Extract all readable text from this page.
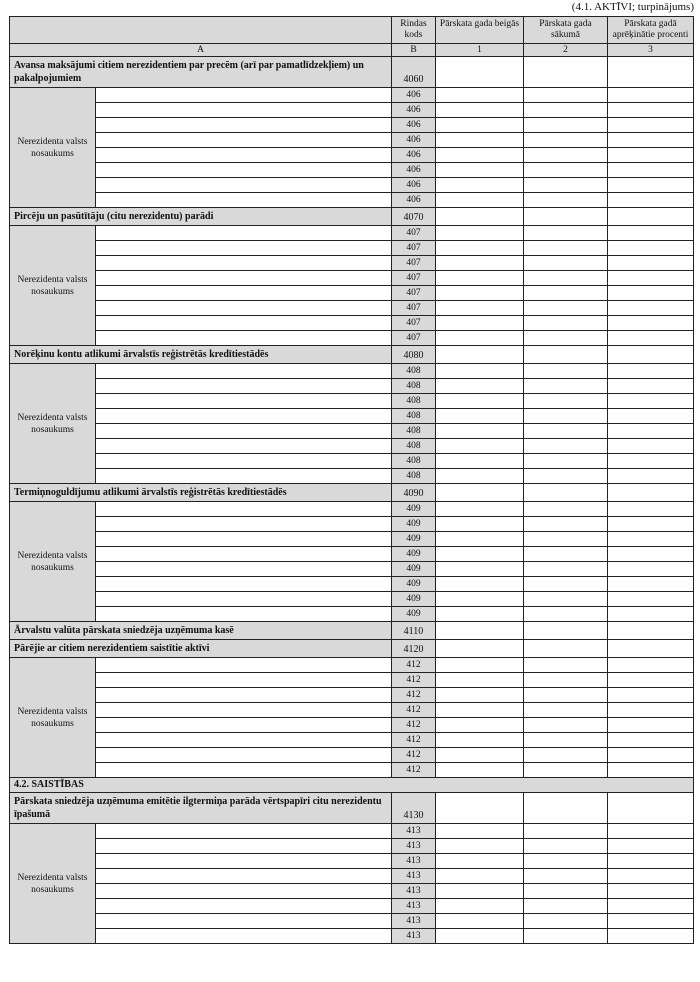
(4.1. AKTĪVI; turpinājums)
		Rindas kods	Pārskata gada beigās	Pārskata gada sākumā	Pārskata gadā aprēķinātie procenti
A		B	1	2	3
Avansa maksājumi citiem nerezidentiem par precēm (arī par pamatlīdzekļiem) un pakalpojumiem		4060			
Nerezidenta valsts nosaukums		406			
		406			
		406			
		406			
		406			
		406			
		406			
		406			
Pircēju un pasūtītāju (citu nerezidentu) parādi		4070			
Nerezidenta valsts nosaukums		407			
		407			
		407			
		407			
		407			
		407			
		407			
		407			
Norēķinu kontu atlikumi ārvalstīs reģistrētās kredītiestādēs		4080			
Nerezidenta valsts nosaukums		408			
		408			
		408			
		408			
		408			
		408			
		408			
		408			
Termiņnoguldījumu atlikumi ārvalstīs reģistrētās kredītiestādēs		4090			
Nerezidenta valsts nosaukums		409			
		409			
		409			
		409			
		409			
		409			
		409			
		409			
Ārvalstu valūta pārskata sniedzēja uzņēmuma kasē		4110			
Pārējie ar citiem nerezidentiem saistītie aktīvi		4120			
Nerezidenta valsts nosaukums		412			
		412			
		412			
		412			
		412			
		412			
		412			
		412			
4.2. SAISTĪBAS					
Pārskata sniedzēja uzņēmuma emitētie ilgtermiņa parāda vērtspapīri citu nerezidentu īpašumā		4130			
Nerezidenta valsts nosaukums		413			
		413			
		413			
		413			
		413			
		413			
		413			
		413			
